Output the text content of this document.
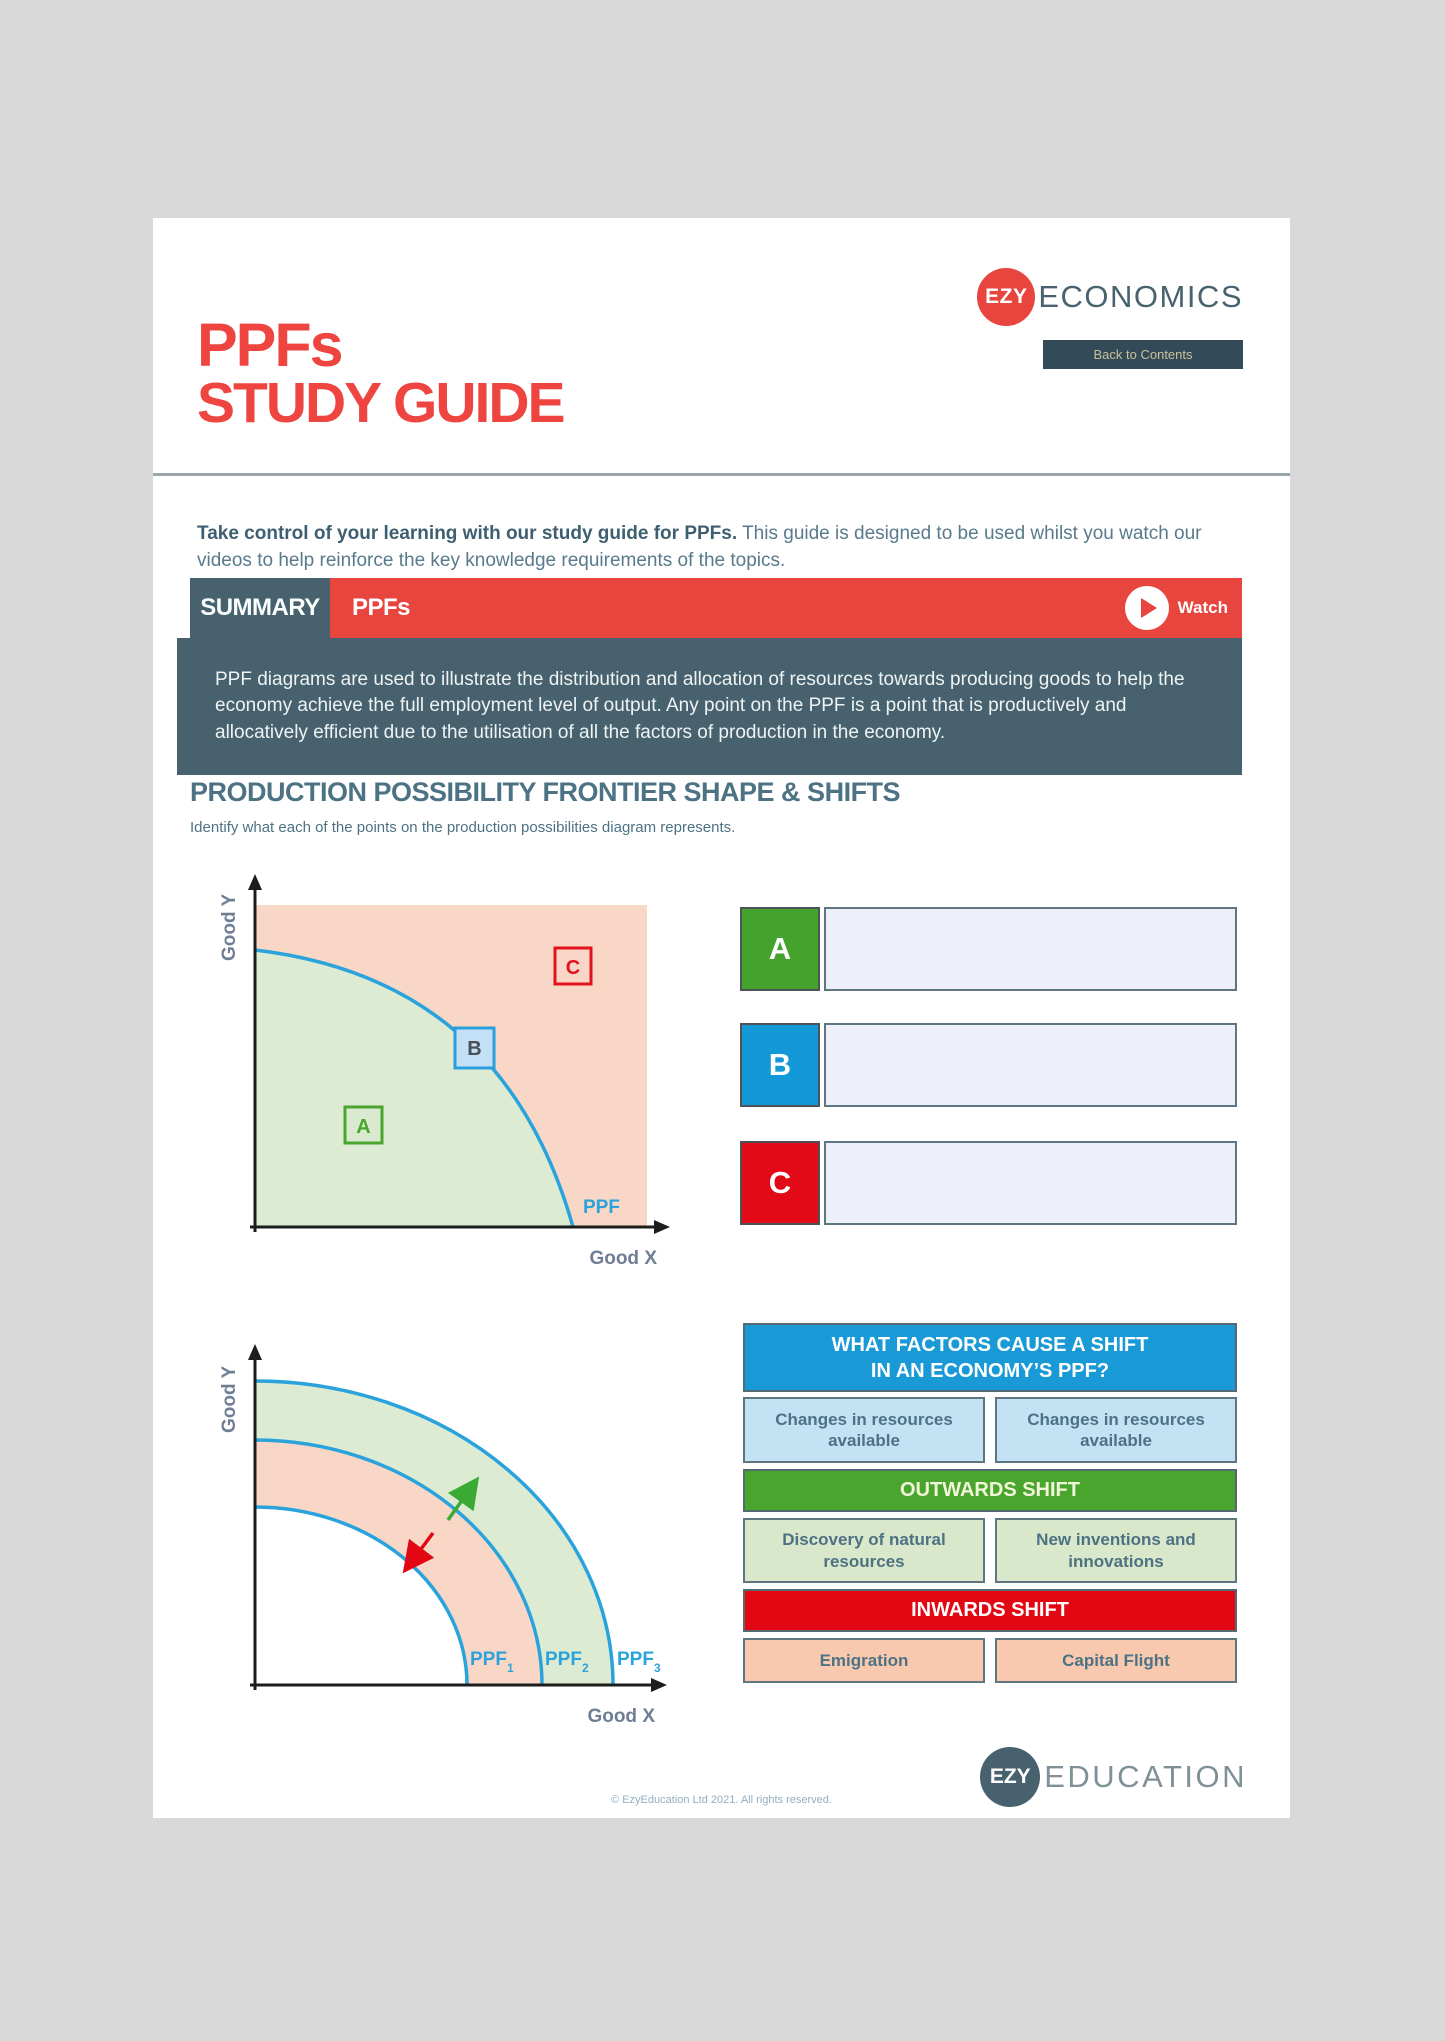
EZY ECONOMICS
Back to Contents
PPFs
STUDY GUIDE

Take control of your learning with our study guide for PPFs. This guide is designed to be used whilst you watch our videos to help reinforce the key knowledge requirements of the topics.

SUMMARY	PPFs	Watch
PPF diagrams are used to illustrate the distribution and allocation of resources towards producing goods to help the economy achieve the full employment level of output. Any point on the PPF is a point that is productively and allocatively efficient due to the utilisation of all the factors of production in the economy.
PRODUCTION POSSIBILITY FRONTIER SHAPE & SHIFTS
Identify what each of the points on the production possibilities diagram represents.
Good Y
Good X
PPF
A
B
C
A
B
C
Good Y
Good X
$PPF_1$ $PPF_2$ $PPF_3$
WHAT FACTORS CAUSE A SHIFT
IN AN ECONOMY’S PPF?
Changes in resources available
Changes in resources available
OUTWARDS SHIFT
Discovery of natural resources
New inventions and innovations
INWARDS SHIFT
Emigration	Capital Flight
EZY EDUCATION
© EzyEducation Ltd 2021. All rights reserved.
